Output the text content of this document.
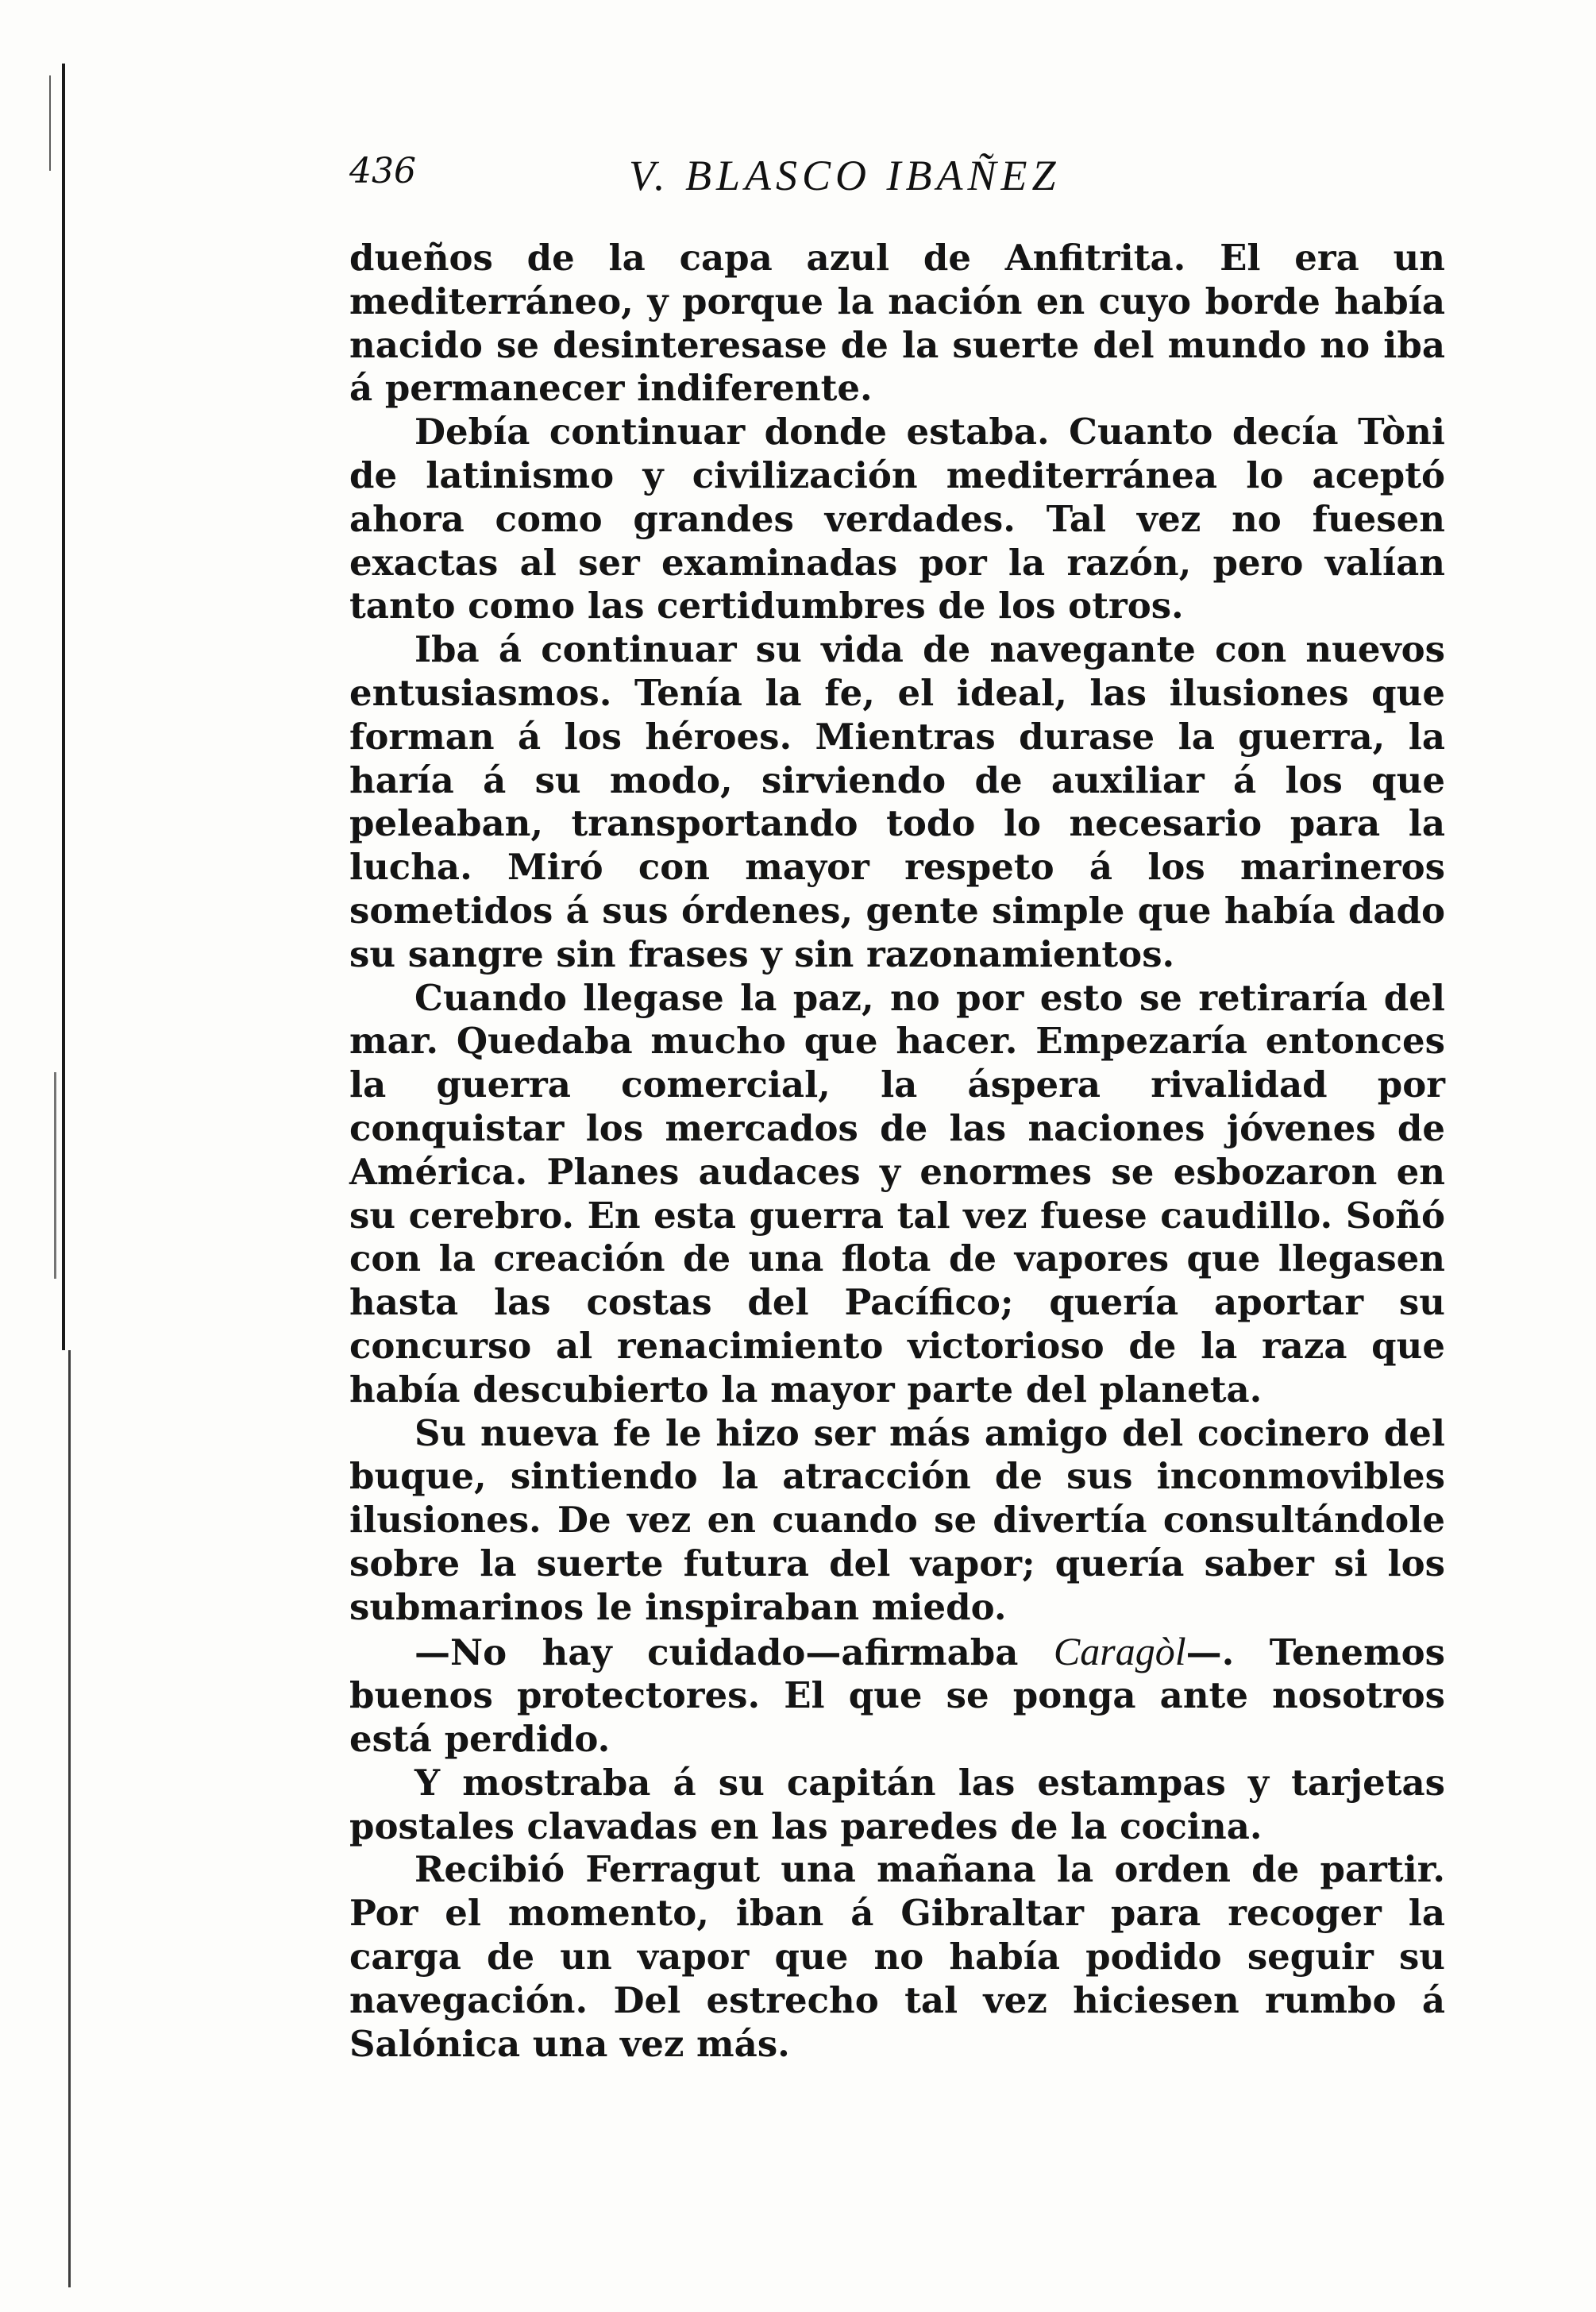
436	V. BLASCO IBAÑEZ

dueños de la capa azul de Anfitrita. El era un mediterráneo, y porque la nación en cuyo borde había nacido se desinteresase de la suerte del mundo no iba á permanecer indiferente.

Debía continuar donde estaba. Cuanto decía Tòni de latinismo y civilización mediterránea lo aceptó ahora como grandes verdades. Tal vez no fuesen exactas al ser examinadas por la razón, pero valían tanto como las certidumbres de los otros.

Iba á continuar su vida de navegante con nuevos entusiasmos. Tenía la fe, el ideal, las ilusiones que forman á los héroes. Mientras durase la guerra, la haría á su modo, sirviendo de auxiliar á los que peleaban, transportando todo lo necesario para la lucha. Miró con mayor respeto á los marineros sometidos á sus órdenes, gente simple que había dado su sangre sin frases y sin razonamientos.

Cuando llegase la paz, no por esto se retiraría del mar. Quedaba mucho que hacer. Empezaría entonces la guerra comercial, la áspera rivalidad por conquistar los mercados de las naciones jóvenes de América. Planes audaces y enormes se esbozaron en su cerebro. En esta guerra tal vez fuese caudillo. Soñó con la creación de una flota de vapores que llegasen hasta las costas del Pacífico; quería aportar su concurso al renacimiento victorioso de la raza que había descubierto la mayor parte del planeta.

Su nueva fe le hizo ser más amigo del cocinero del buque, sintiendo la atracción de sus inconmovibles ilusiones. De vez en cuando se divertía consultándole sobre la suerte futura del vapor; quería saber si los submarinos le inspiraban miedo.

—No hay cuidado—afirmaba Caragòl—. Tenemos buenos protectores. El que se ponga ante nosotros está perdido.

Y mostraba á su capitán las estampas y tarjetas postales clavadas en las paredes de la cocina.

Recibió Ferragut una mañana la orden de partir. Por el momento, iban á Gibraltar para recoger la carga de un vapor que no había podido seguir su navegación. Del estrecho tal vez hiciesen rumbo á Salónica una vez más.
